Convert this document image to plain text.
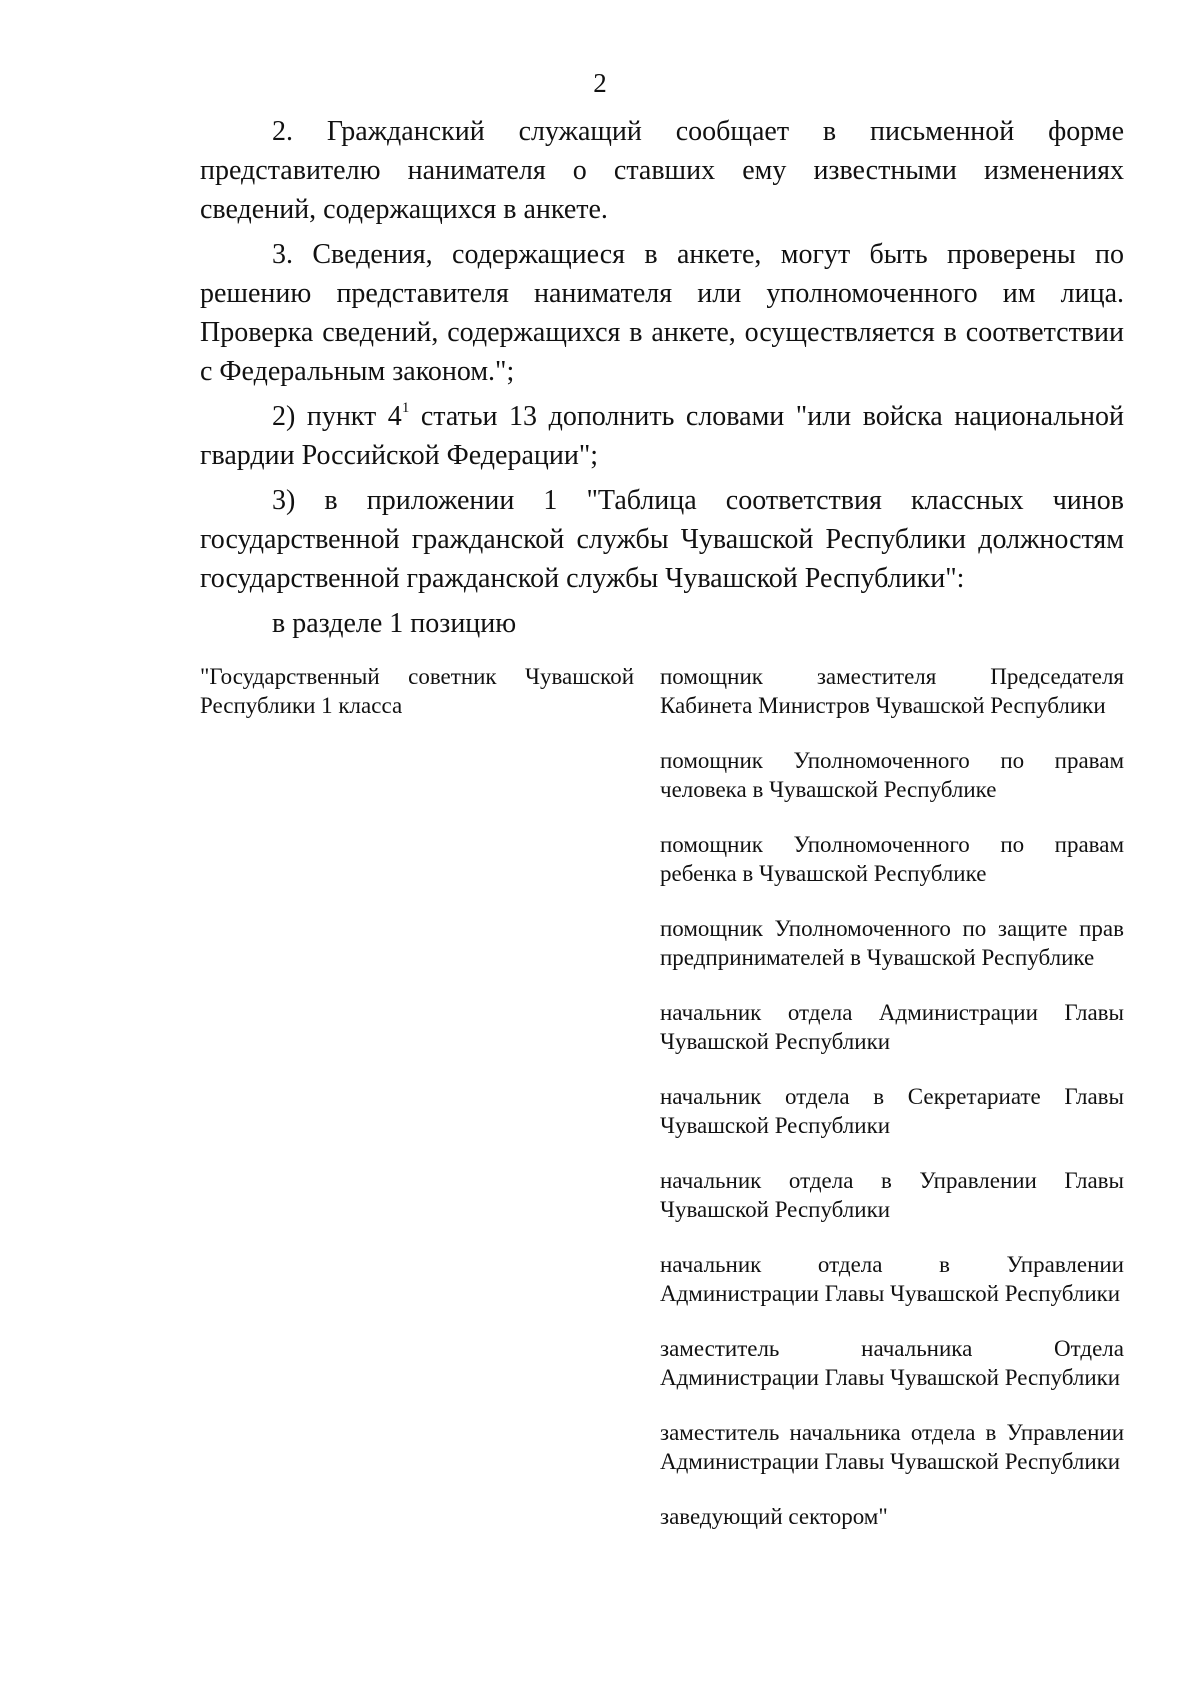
2

2. Гражданский служащий сообщает в письменной форме представителю нанимателя о ставших ему известными изменениях сведений, содержащихся в анкете.

3. Сведения, содержащиеся в анкете, могут быть проверены по решению представителя нанимателя или уполномоченного им лица. Проверка сведений, содержащихся в анкете, осуществляется в соответствии с Федеральным законом.";

2) пункт $4^1$ статьи 13 дополнить словами "или войска национальной гвардии Российской Федерации";

3) в приложении 1 "Таблица соответствия классных чинов государственной гражданской службы Чувашской Республики должностям государственной гражданской службы Чувашской Республики":

в разделе 1 позицию

"Государственный советник Чувашской Республики 1 класса

помощник заместителя Председателя Кабинета Министров Чувашской Республики

помощник Уполномоченного по правам человека в Чувашской Республике

помощник Уполномоченного по правам ребенка в Чувашской Республике

помощник Уполномоченного по защите прав предпринимателей в Чувашской Республике

начальник отдела Администрации Главы Чувашской Республики

начальник отдела в Секретариате Главы Чувашской Республики

начальник отдела в Управлении Главы Чувашской Республики

начальник отдела в Управлении Администрации Главы Чувашской Республики

заместитель начальника Отдела Администрации Главы Чувашской Республики

заместитель начальника отдела в Управлении Администрации Главы Чувашской Республики

заведующий сектором"
